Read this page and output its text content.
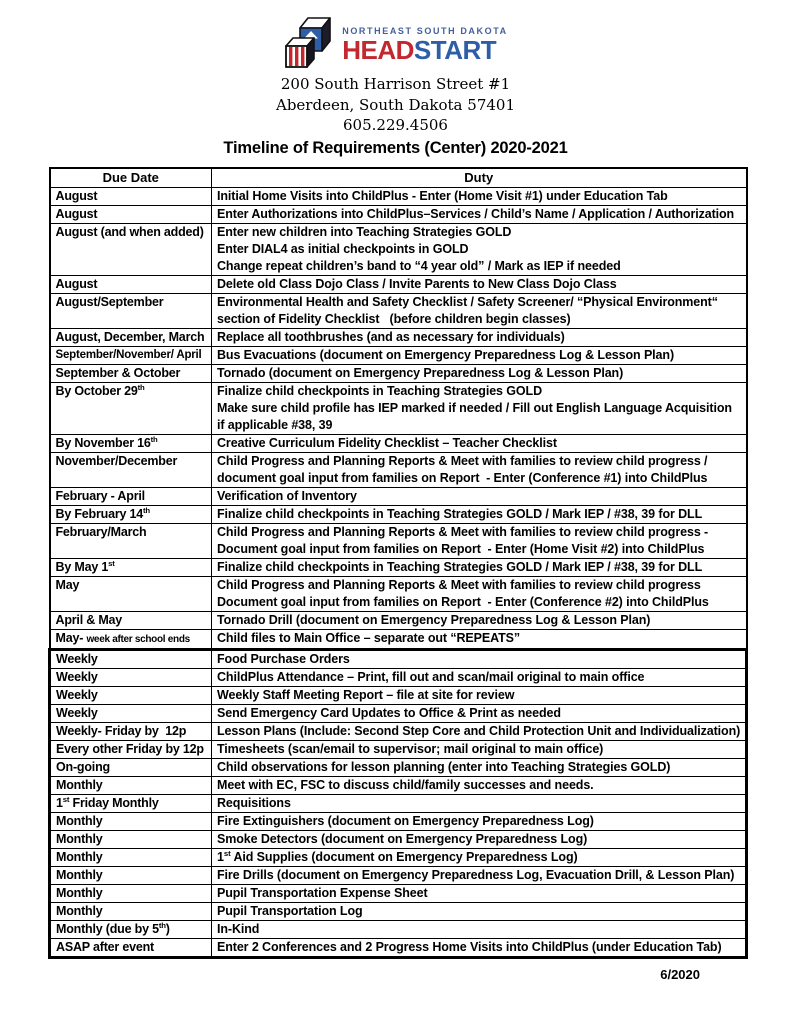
NORTHEAST SOUTH DAKOTA
HEADSTART
200 South Harrison Street #1
Aberdeen, South Dakota 57401
605.229.4506
Timeline of Requirements (Center) 2020-2021
Due Date	Duty

August	Initial Home Visits into ChildPlus - Enter (Home Visit #1) under Education Tab

August	Enter Authorizations into ChildPlus–Services / Child’s Name / Application / Authorization

August (and when added)	Enter new children into Teaching Strategies GOLD
Enter DIAL4 as initial checkpoints in GOLD
Change repeat children’s band to “4 year old” / Mark as IEP if needed

August	Delete old Class Dojo Class / Invite Parents to New Class Dojo Class

August/September	Environmental Health and Safety Checklist / Safety Screener/ “Physical Environment“
section of Fidelity Checklist   (before children begin classes)

August, December, March	Replace all toothbrushes (and as necessary for individuals)

September/November/ April	Bus Evacuations (document on Emergency Preparedness Log & Lesson Plan)

September & October	Tornado (document on Emergency Preparedness Log & Lesson Plan)

By October 29th	Finalize child checkpoints in Teaching Strategies GOLD
Make sure child profile has IEP marked if needed / Fill out English Language Acquisition
if applicable #38, 39

By November 16th	Creative Curriculum Fidelity Checklist – Teacher Checklist

November/December	Child Progress and Planning Reports & Meet with families to review child progress /
document goal input from families on Report  - Enter (Conference #1) into ChildPlus

February - April	Verification of Inventory

By February 14th	Finalize child checkpoints in Teaching Strategies GOLD / Mark IEP / #38, 39 for DLL

February/March	Child Progress and Planning Reports & Meet with families to review child progress -
Document goal input from families on Report  - Enter (Home Visit #2) into ChildPlus

By May 1st	Finalize child checkpoints in Teaching Strategies GOLD / Mark IEP / #38, 39 for DLL

May	Child Progress and Planning Reports & Meet with families to review child progress
Document goal input from families on Report  - Enter (Conference #2) into ChildPlus

April & May	Tornado Drill (document on Emergency Preparedness Log & Lesson Plan)

May- week after school ends	Child files to Main Office – separate out “REPEATS”

Weekly	Food Purchase Orders

Weekly	ChildPlus Attendance – Print, fill out and scan/mail original to main office

Weekly	Weekly Staff Meeting Report – file at site for review

Weekly	Send Emergency Card Updates to Office & Print as needed

Weekly- Friday by  12p	Lesson Plans (Include: Second Step Core and Child Protection Unit and Individualization)

Every other Friday by 12p	Timesheets (scan/email to supervisor; mail original to main office)

On-going	Child observations for lesson planning (enter into Teaching Strategies GOLD)

Monthly	Meet with EC, FSC to discuss child/family successes and needs.

1st Friday Monthly	Requisitions

Monthly	Fire Extinguishers (document on Emergency Preparedness Log)

Monthly	Smoke Detectors (document on Emergency Preparedness Log)

Monthly	1st Aid Supplies (document on Emergency Preparedness Log)

Monthly	Fire Drills (document on Emergency Preparedness Log, Evacuation Drill, & Lesson Plan)

Monthly	Pupil Transportation Expense Sheet

Monthly	Pupil Transportation Log

Monthly (due by 5th)	In-Kind

ASAP after event	Enter 2 Conferences and 2 Progress Home Visits into ChildPlus (under Education Tab)
6/2020
